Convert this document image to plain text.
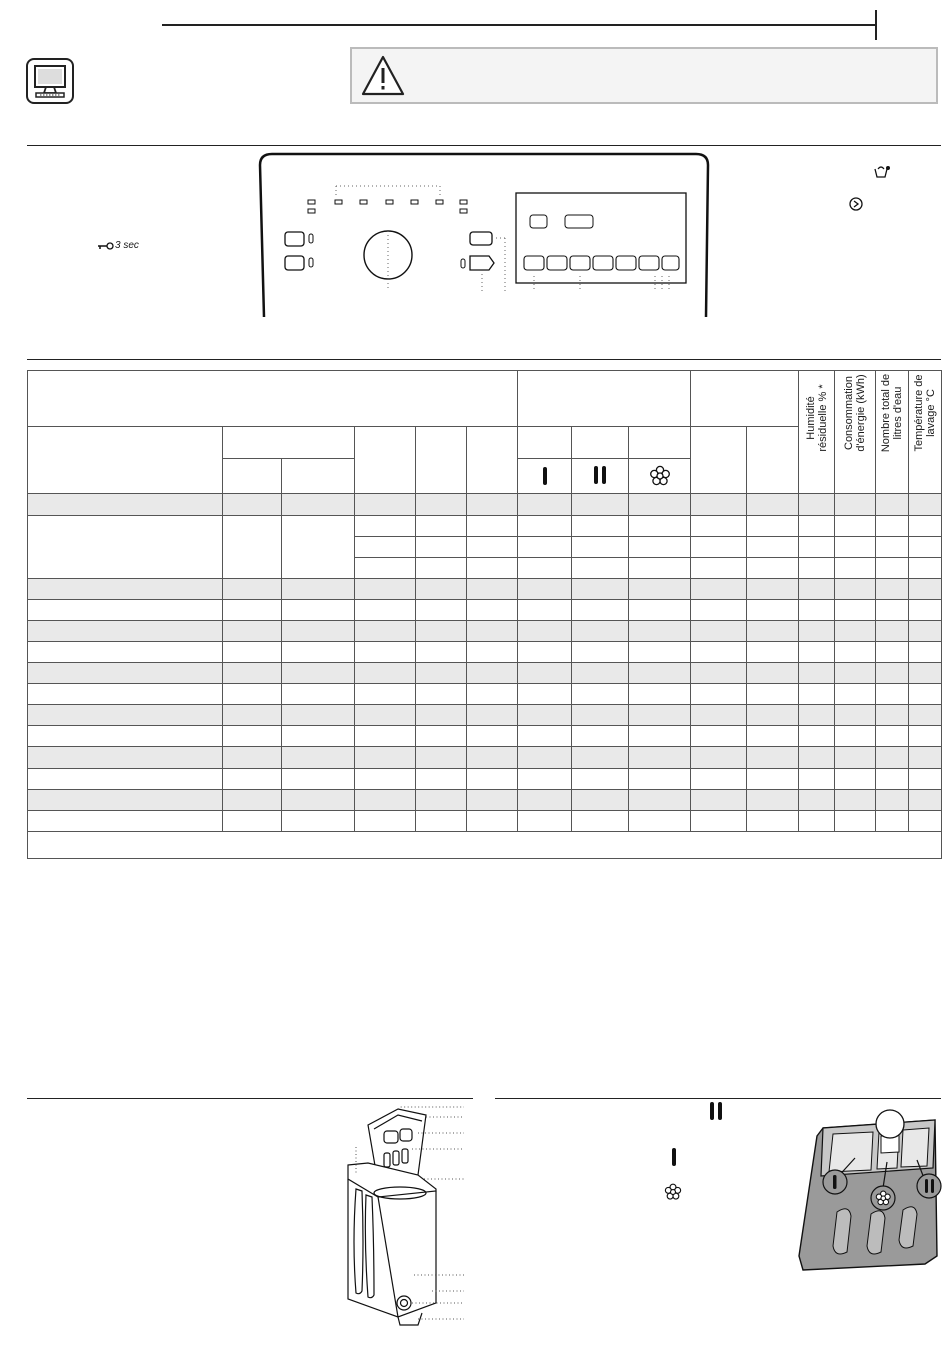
3 sec

											Humidité résiduelle % *	Consommation d'énergie (kWh)	Nombre total de litres d'eau	Température de lavage °C
